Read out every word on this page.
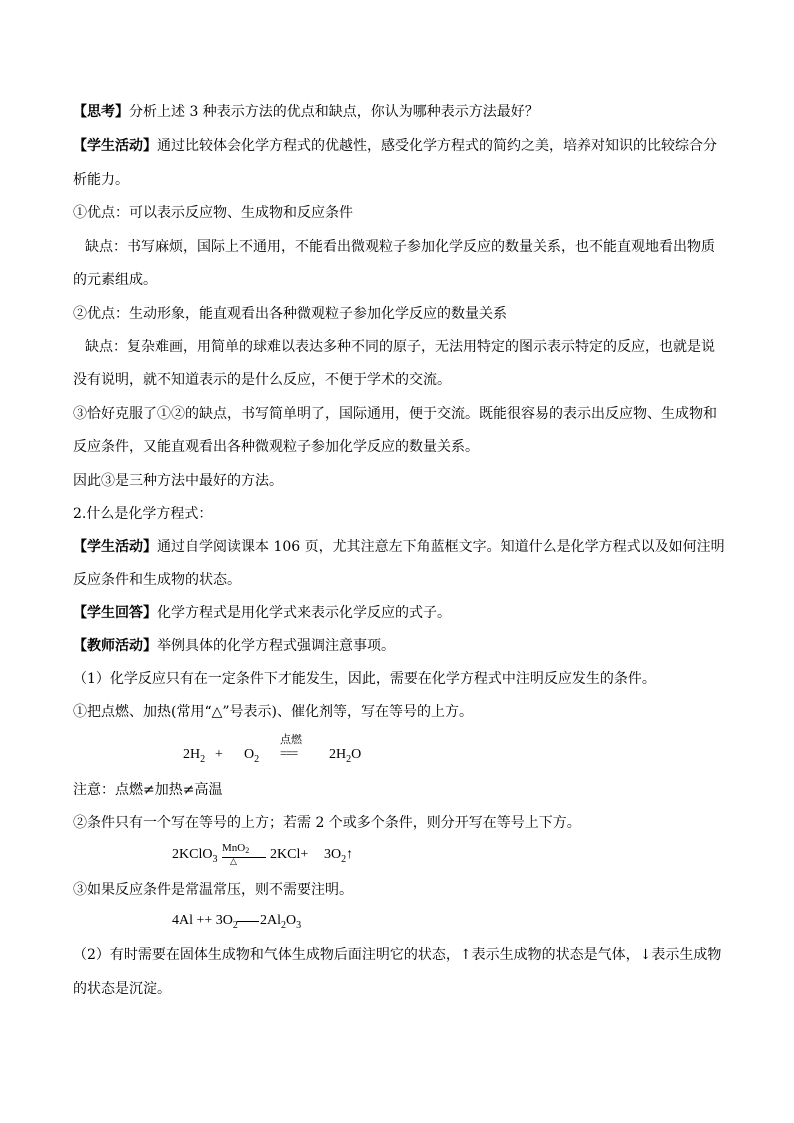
【思考】分析上述 3 种表示方法的优点和缺点，你认为哪种表示方法最好？
【学生活动】通过比较体会化学方程式的优越性，感受化学方程式的简约之美，培养对知识的比较综合分
析能力。
①优点：可以表示反应物、生成物和反应条件
缺点：书写麻烦，国际上不通用，不能看出微观粒子参加化学反应的数量关系，也不能直观地看出物质
的元素组成。
②优点：生动形象，能直观看出各种微观粒子参加化学反应的数量关系
缺点：复杂难画，用简单的球难以表达多种不同的原子，无法用特定的图示表示特定的反应，也就是说
没有说明，就不知道表示的是什么反应，不便于学术的交流。
③恰好克服了①②的缺点，书写简单明了，国际通用，便于交流。既能很容易的表示出反应物、生成物和
反应条件，又能直观看出各种微观粒子参加化学反应的数量关系。
因此③是三种方法中最好的方法。
2.什么是化学方程式：
【学生活动】通过自学阅读课本 106 页，尤其注意左下角蓝框文字。知道什么是化学方程式以及如何注明
反应条件和生成物的状态。
【学生回答】化学方程式是用化学式来表示化学反应的式子。
【教师活动】举例具体的化学方程式强调注意事项。
（1）化学反应只有在一定条件下才能发生，因此，需要在化学方程式中注明反应发生的条件。
①把点燃、加热(常用“△”号表示)、催化剂等，写在等号的上方。
$2H_2 + O_2$
点燃
=== $2H_2O$
注意：点燃≠加热≠高温
②条件只有一个写在等号的上方；若需 2 个或多个条件，则分开写在等号上下方。
2KClO$_3$
MnO2
△ $2KCl+ 3O_2↑$
③如果反应条件是常温常压，则不需要注明。
$4Al ++ 3O_2$ $2Al_2O_3$
（2）有时需要在固体生成物和气体生成物后面注明它的状态，↑表示生成物的状态是气体，↓表示生成物
的状态是沉淀。
